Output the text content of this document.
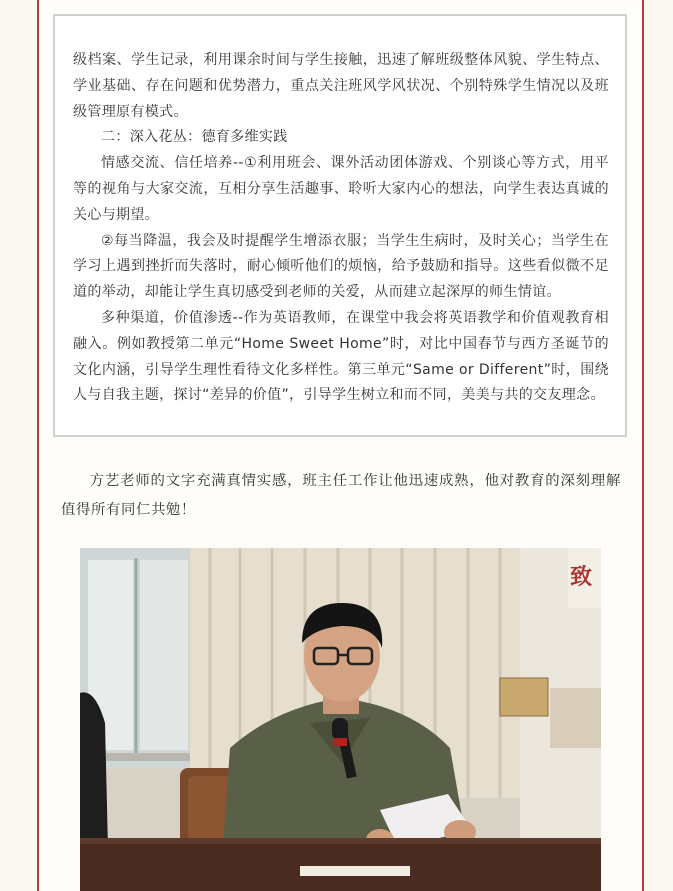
级档案、学生记录，利用课余时间与学生接触，迅速了解班级整体风貌、学生特点、学业基础、存在问题和优势潜力，重点关注班风学风状况、个别特殊学生情况以及班级管理原有模式。

二：深入花丛：德育多维实践

情感交流、信任培养--①利用班会、课外活动团体游戏、个别谈心等方式，用平等的视角与大家交流，互相分享生活趣事、聆听大家内心的想法，向学生表达真诚的关心与期望。

②每当降温，我会及时提醒学生增添衣服；当学生生病时，及时关心；当学生在学习上遇到挫折而失落时，耐心倾听他们的烦恼，给予鼓励和指导。这些看似微不足道的举动，却能让学生真切感受到老师的关爱，从而建立起深厚的师生情谊。

多种渠道，价值渗透--作为英语教师，在课堂中我会将英语教学和价值观教育相融入。例如教授第二单元“Home Sweet Home”时，对比中国春节与西方圣诞节的文化内涵，引导学生理性看待文化多样性。第三单元“Same or Different”时，围绕人与自我主题，探讨“差异的价值”，引导学生树立和而不同，美美与共的交友理念。

方艺老师的文字充满真情实感，班主任工作让他迅速成熟，他对教育的深刻理解值得所有同仁共勉！

致
